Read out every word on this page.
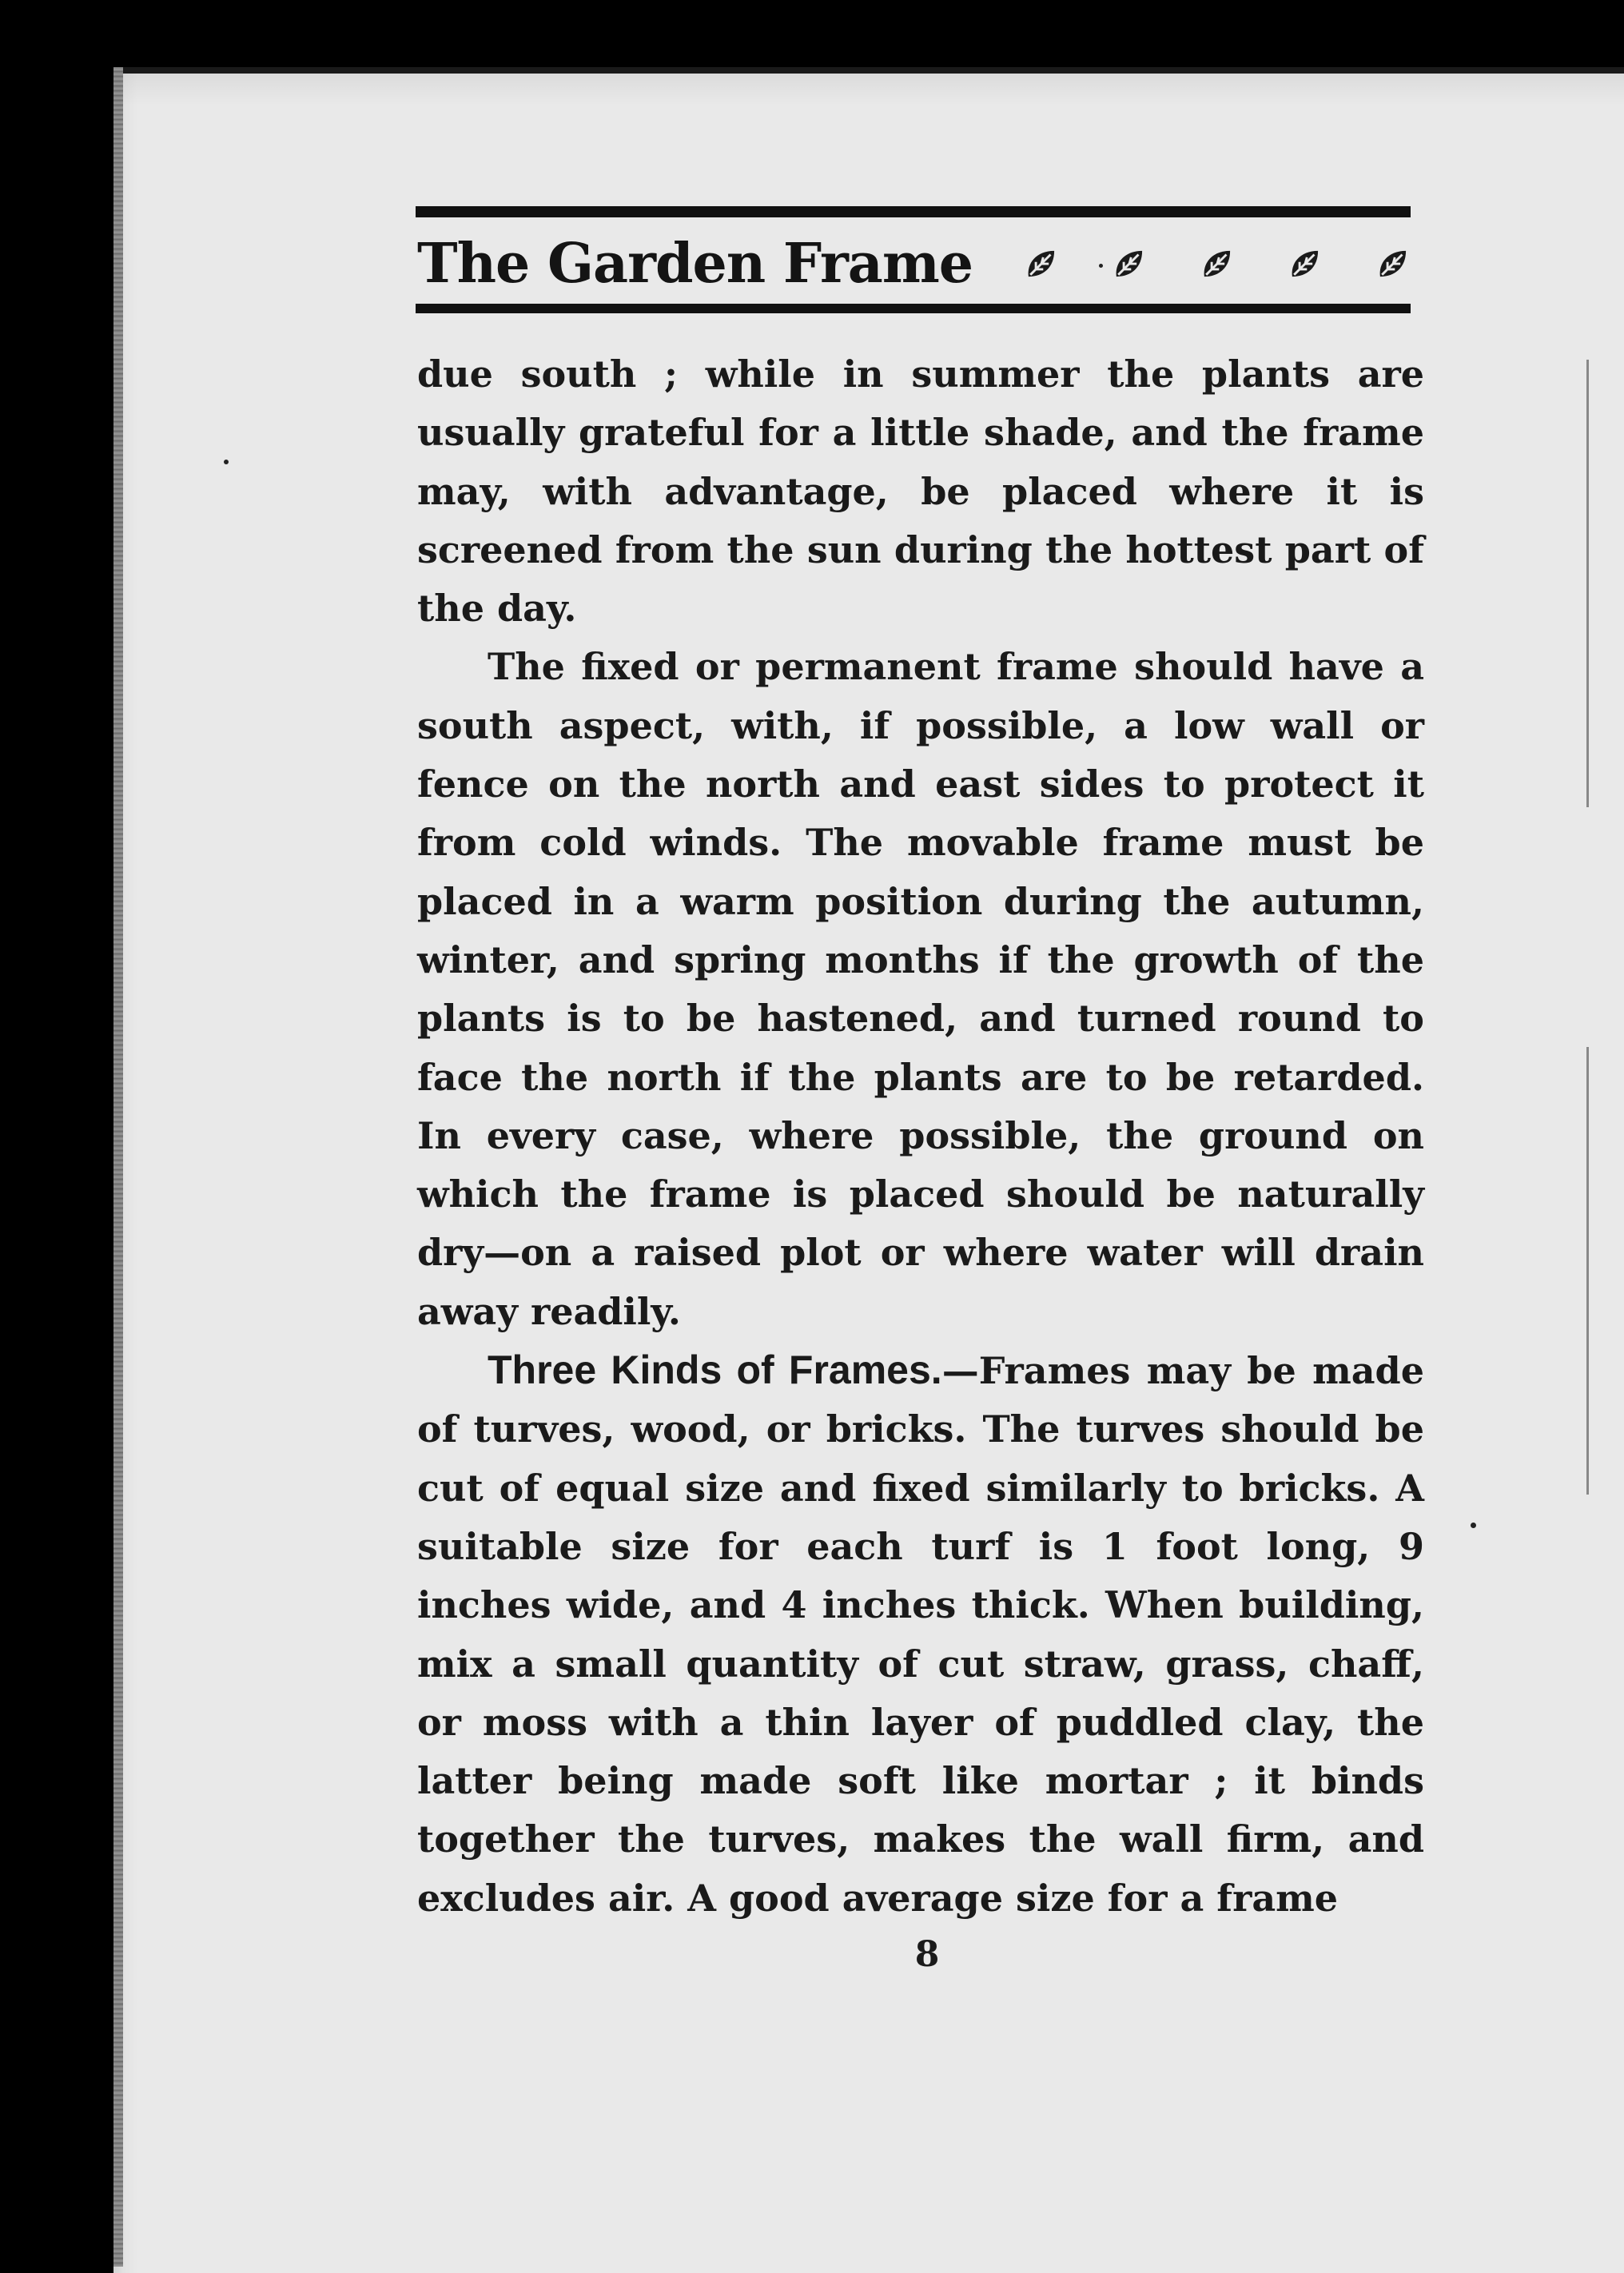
The Garden Frame

due south ; while in summer the plants are usually grateful for a little shade, and the frame may, with advantage, be placed where it is screened from the sun during the hottest part of the day.

The fixed or permanent frame should have a south aspect, with, if possible, a low wall or fence on the north and east sides to protect it from cold winds. The movable frame must be placed in a warm position during the autumn, winter, and spring months if the growth of the plants is to be hastened, and turned round to face the north if the plants are to be retarded. In every case, where possible, the ground on which the frame is placed should be naturally dry—on a raised plot or where water will drain away readily.

Three Kinds of Frames.—Frames may be made of turves, wood, or bricks. The turves should be cut of equal size and fixed similarly to bricks. A suitable size for each turf is 1 foot long, 9 inches wide, and 4 inches thick. When building, mix a small quantity of cut straw, grass, chaff, or moss with a thin layer of puddled clay, the latter being made soft like mortar ; it binds together the turves, makes the wall firm, and excludes air. A good average size for a frame

8
